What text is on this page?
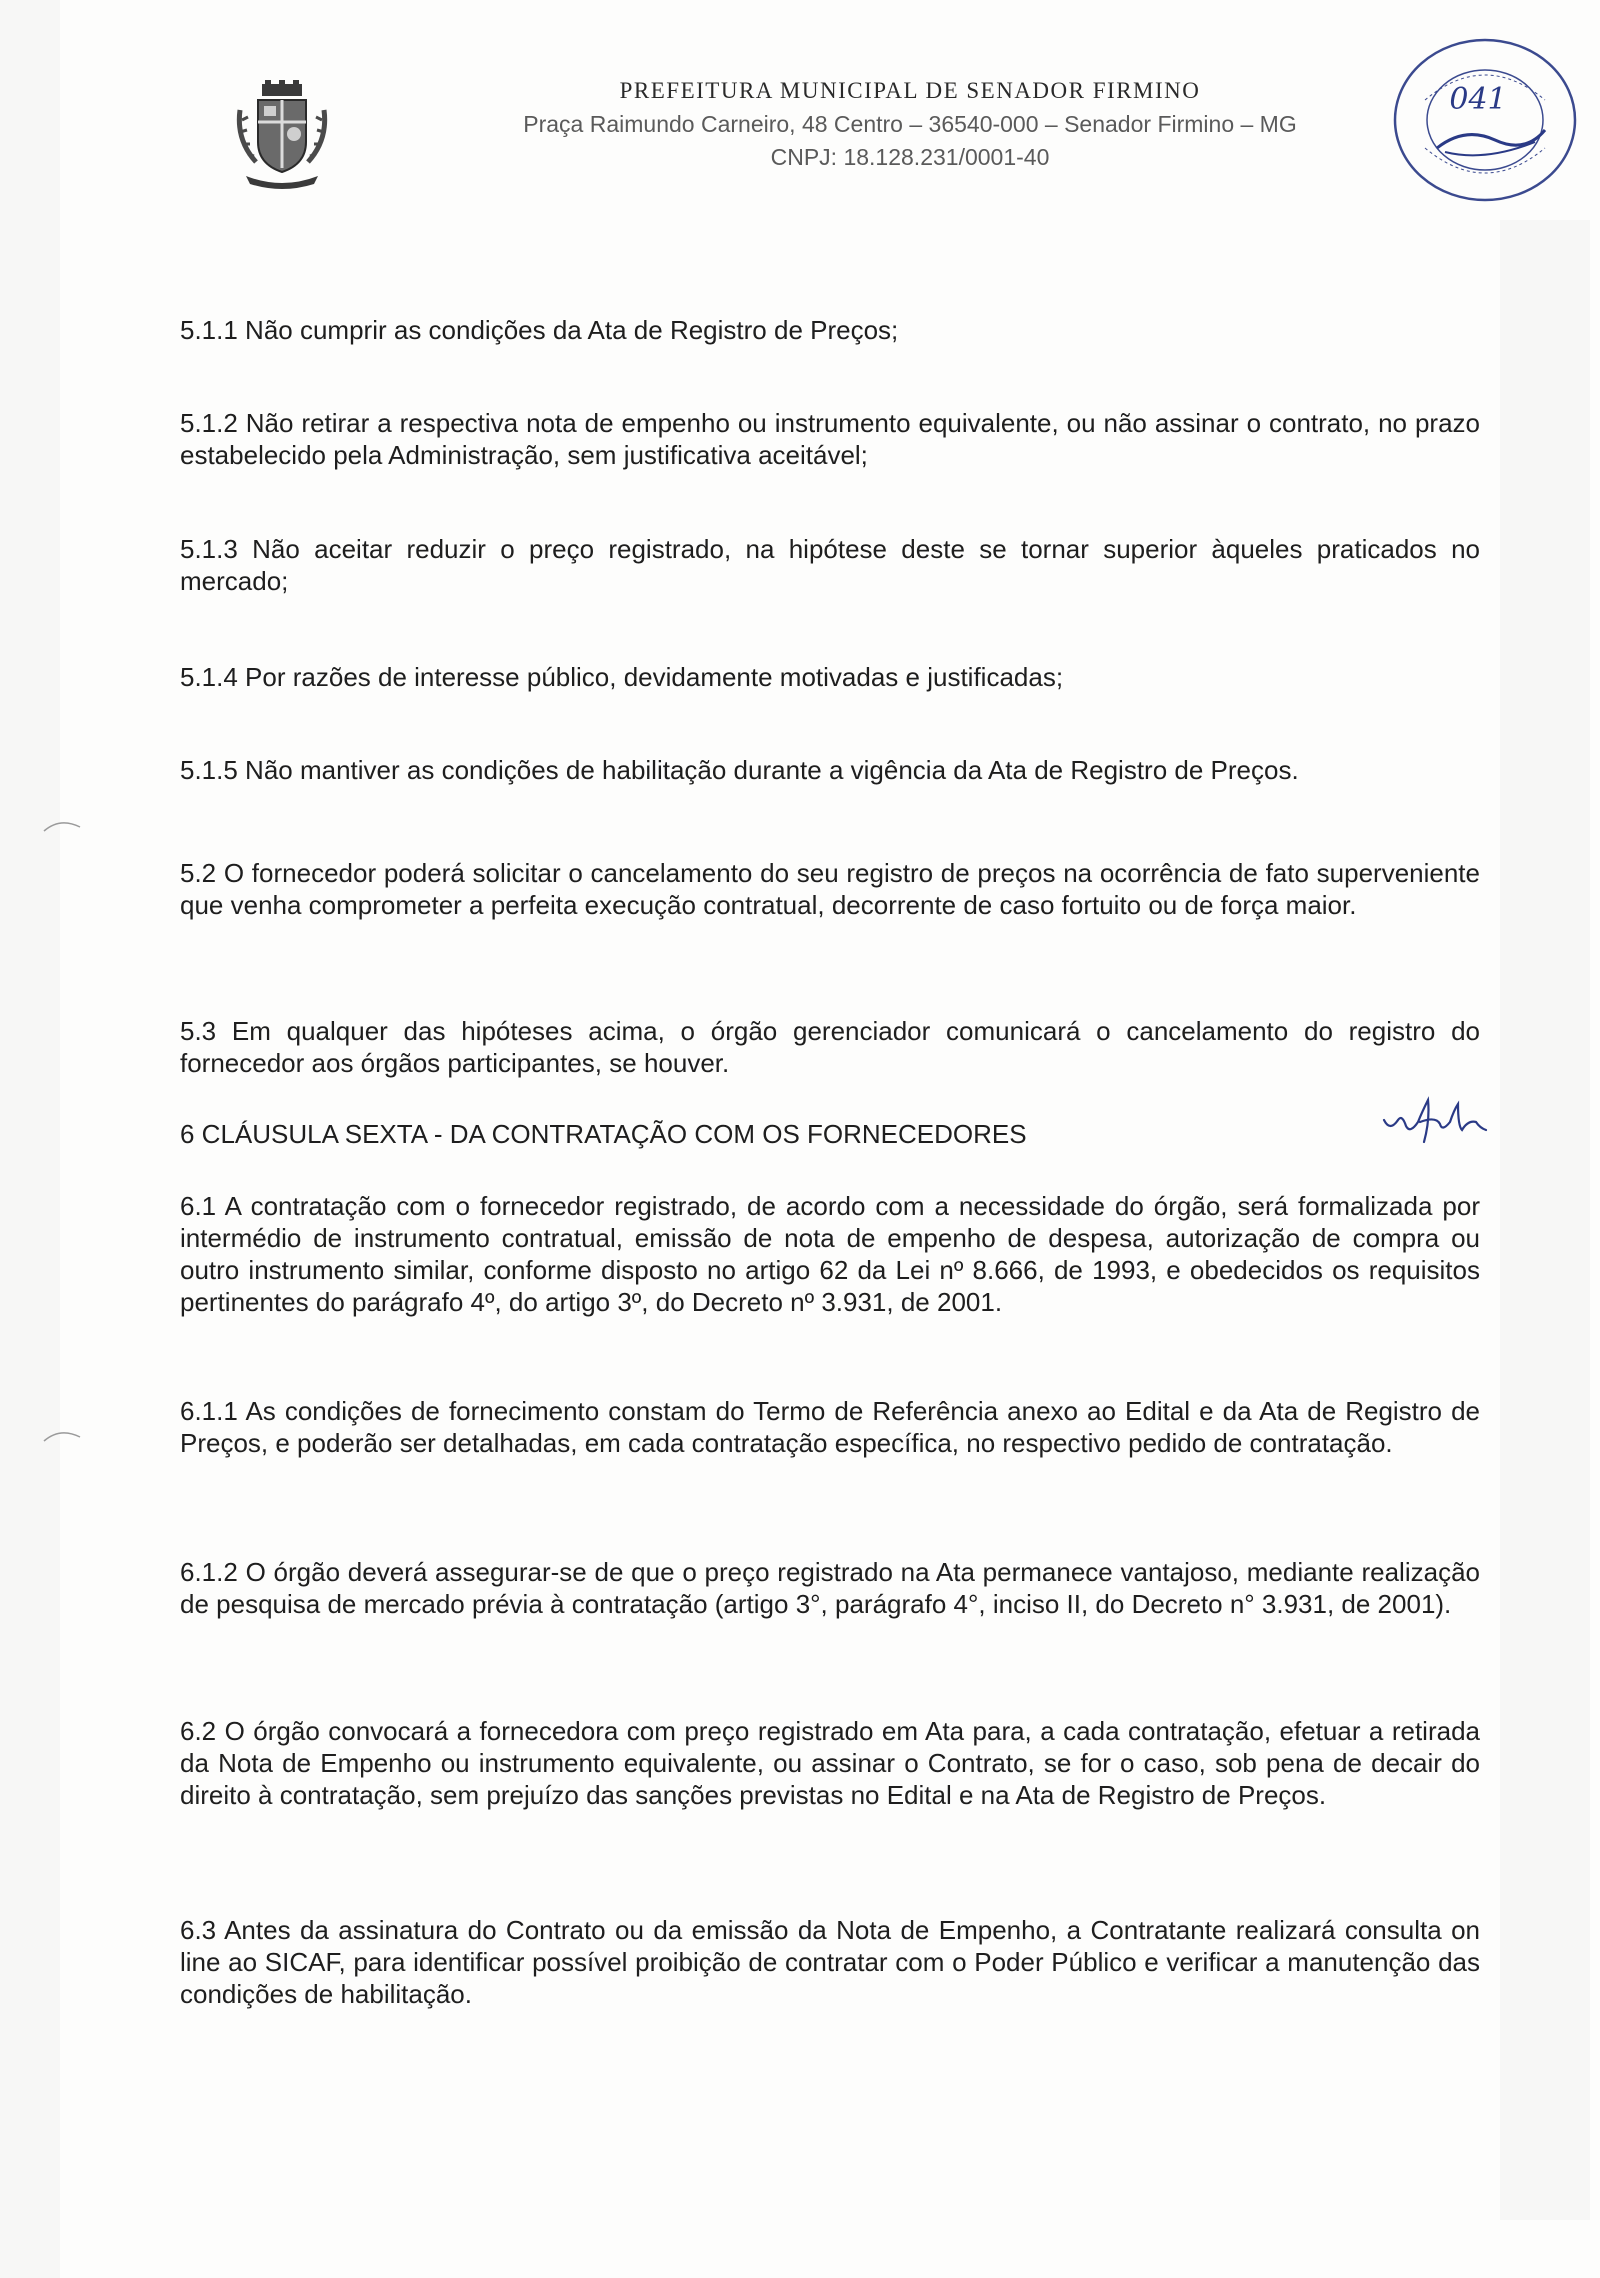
PREFEITURA MUNICIPAL DE SENADOR FIRMINO
Praça Raimundo Carneiro, 48 Centro – 36540-000 – Senador Firmino – MG
CNPJ: 18.128.231/0001-40
041

5.1.1 Não cumprir as condições da Ata de Registro de Preços;

5.1.2 Não retirar a respectiva nota de empenho ou instrumento equivalente, ou não assinar o contrato, no prazo estabelecido pela Administração, sem justificativa aceitável;

5.1.3 Não aceitar reduzir o preço registrado, na hipótese deste se tornar superior àqueles praticados no mercado;

5.1.4 Por razões de interesse público, devidamente motivadas e justificadas;

5.1.5 Não mantiver as condições de habilitação durante a vigência da Ata de Registro de Preços.

5.2 O fornecedor poderá solicitar o cancelamento do seu registro de preços na ocorrência de fato superveniente que venha comprometer a perfeita execução contratual, decorrente de caso fortuito ou de força maior.

5.3 Em qualquer das hipóteses acima, o órgão gerenciador comunicará o cancelamento do registro do fornecedor aos órgãos participantes, se houver.

6 CLÁUSULA SEXTA - DA CONTRATAÇÃO COM OS FORNECEDORES

6.1 A contratação com o fornecedor registrado, de acordo com a necessidade do órgão, será formalizada por intermédio de instrumento contratual, emissão de nota de empenho de despesa, autorização de compra ou outro instrumento similar, conforme disposto no artigo 62 da Lei nº 8.666, de 1993, e obedecidos os requisitos pertinentes do parágrafo 4º, do artigo 3º, do Decreto nº 3.931, de 2001.

6.1.1 As condições de fornecimento constam do Termo de Referência anexo ao Edital e da Ata de Registro de Preços, e poderão ser detalhadas, em cada contratação específica, no respectivo pedido de contratação.

6.1.2 O órgão deverá assegurar-se de que o preço registrado na Ata permanece vantajoso, mediante realização de pesquisa de mercado prévia à contratação (artigo 3°, parágrafo 4°, inciso II, do Decreto n° 3.931, de 2001).

6.2 O órgão convocará a fornecedora com preço registrado em Ata para, a cada contratação, efetuar a retirada da Nota de Empenho ou instrumento equivalente, ou assinar o Contrato, se for o caso, sob pena de decair do direito à contratação, sem prejuízo das sanções previstas no Edital e na Ata de Registro de Preços.

6.3 Antes da assinatura do Contrato ou da emissão da Nota de Empenho, a Contratante realizará consulta on line ao SICAF, para identificar possível proibição de contratar com o Poder Público e verificar a manutenção das condições de habilitação.
